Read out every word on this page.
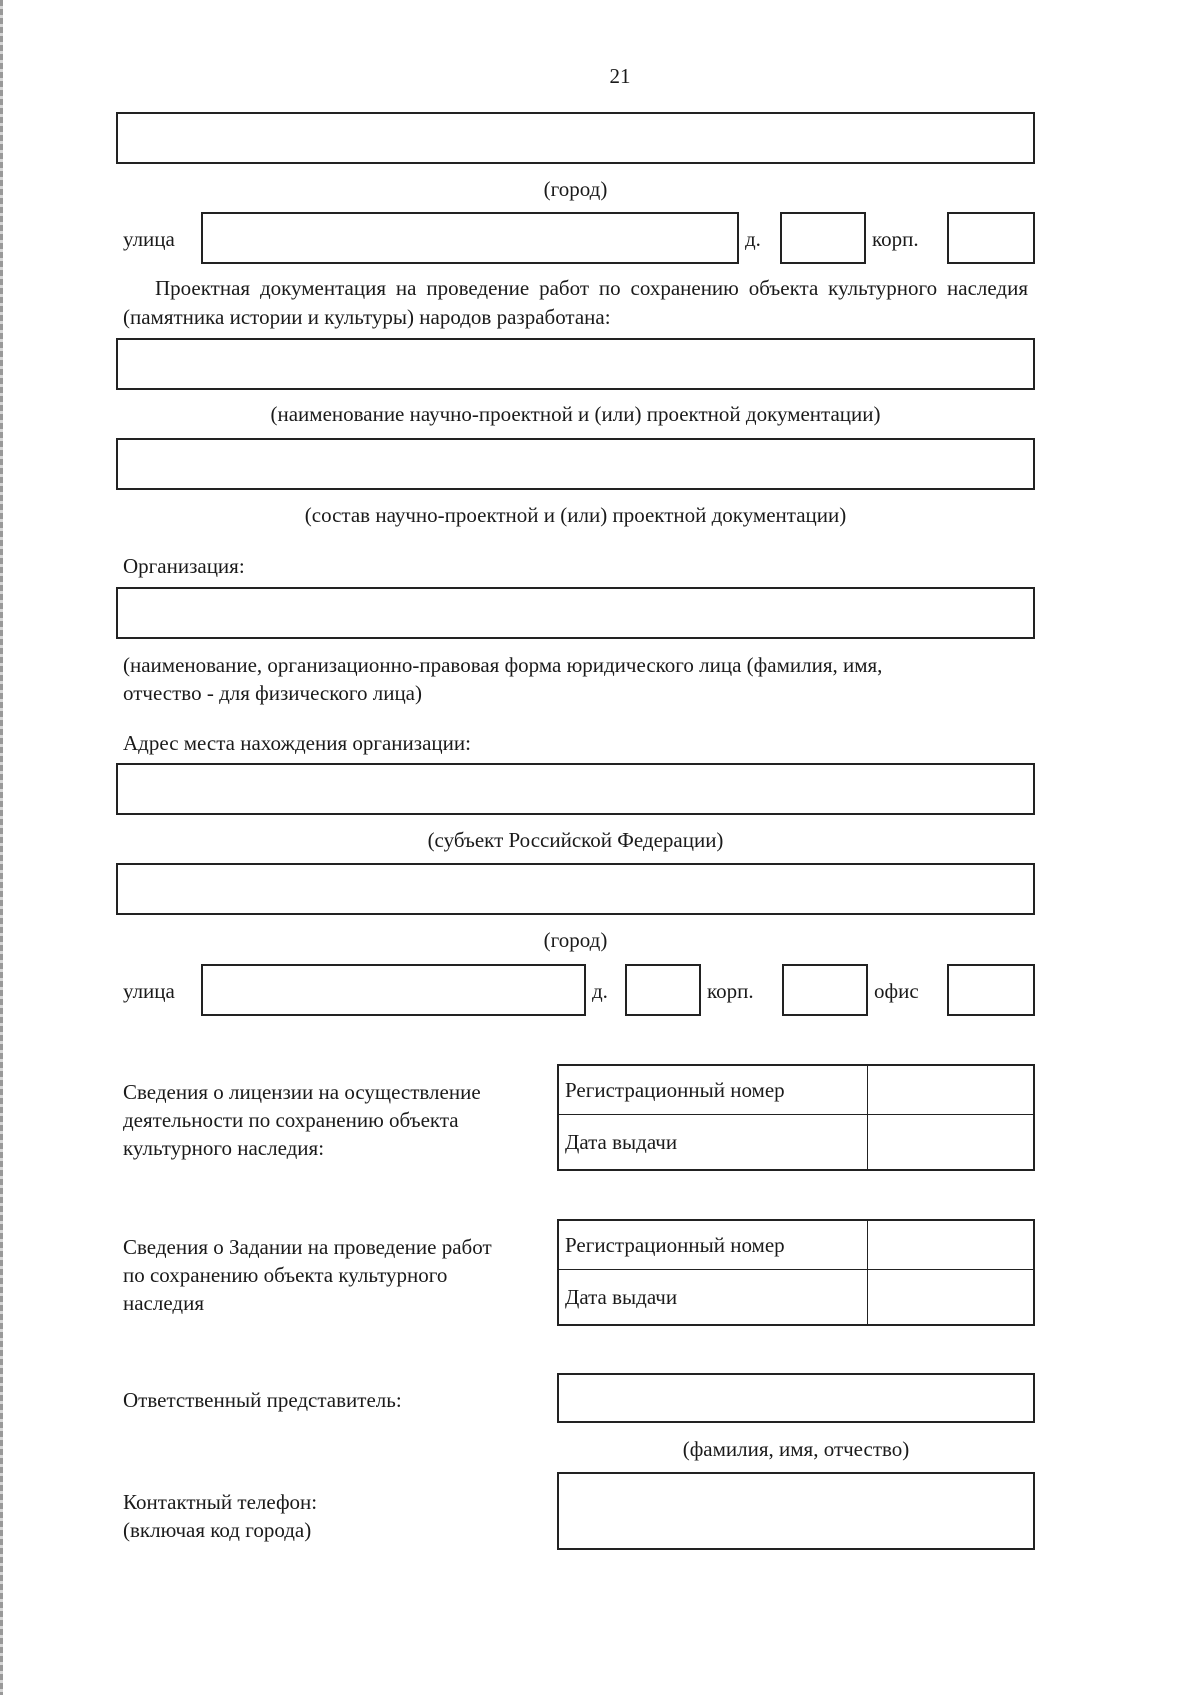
21
(город)
улица	д.	корп.
Проектная документация на проведение работ по сохранению объекта культурного наследия (памятника истории и культуры) народов разработана:
(наименование научно-проектной и (или) проектной документации)
(состав научно-проектной и (или) проектной документации)
Организация:
(наименование, организационно-правовая форма юридического лица (фамилия, имя,
отчество - для физического лица)
Адрес места нахождения организации:
(субъект Российской Федерации)
(город)
улица	д.	корп.	офис
Сведения о лицензии на осуществление
деятельности по сохранению объекта
культурного наследия:
Регистрационный номер	
Дата выдачи	
Сведения о Задании на проведение работ
по сохранению объекта культурного
наследия
Регистрационный номер	
Дата выдачи	
Ответственный представитель:
(фамилия, имя, отчество)
Контактный телефон:
(включая код города)
